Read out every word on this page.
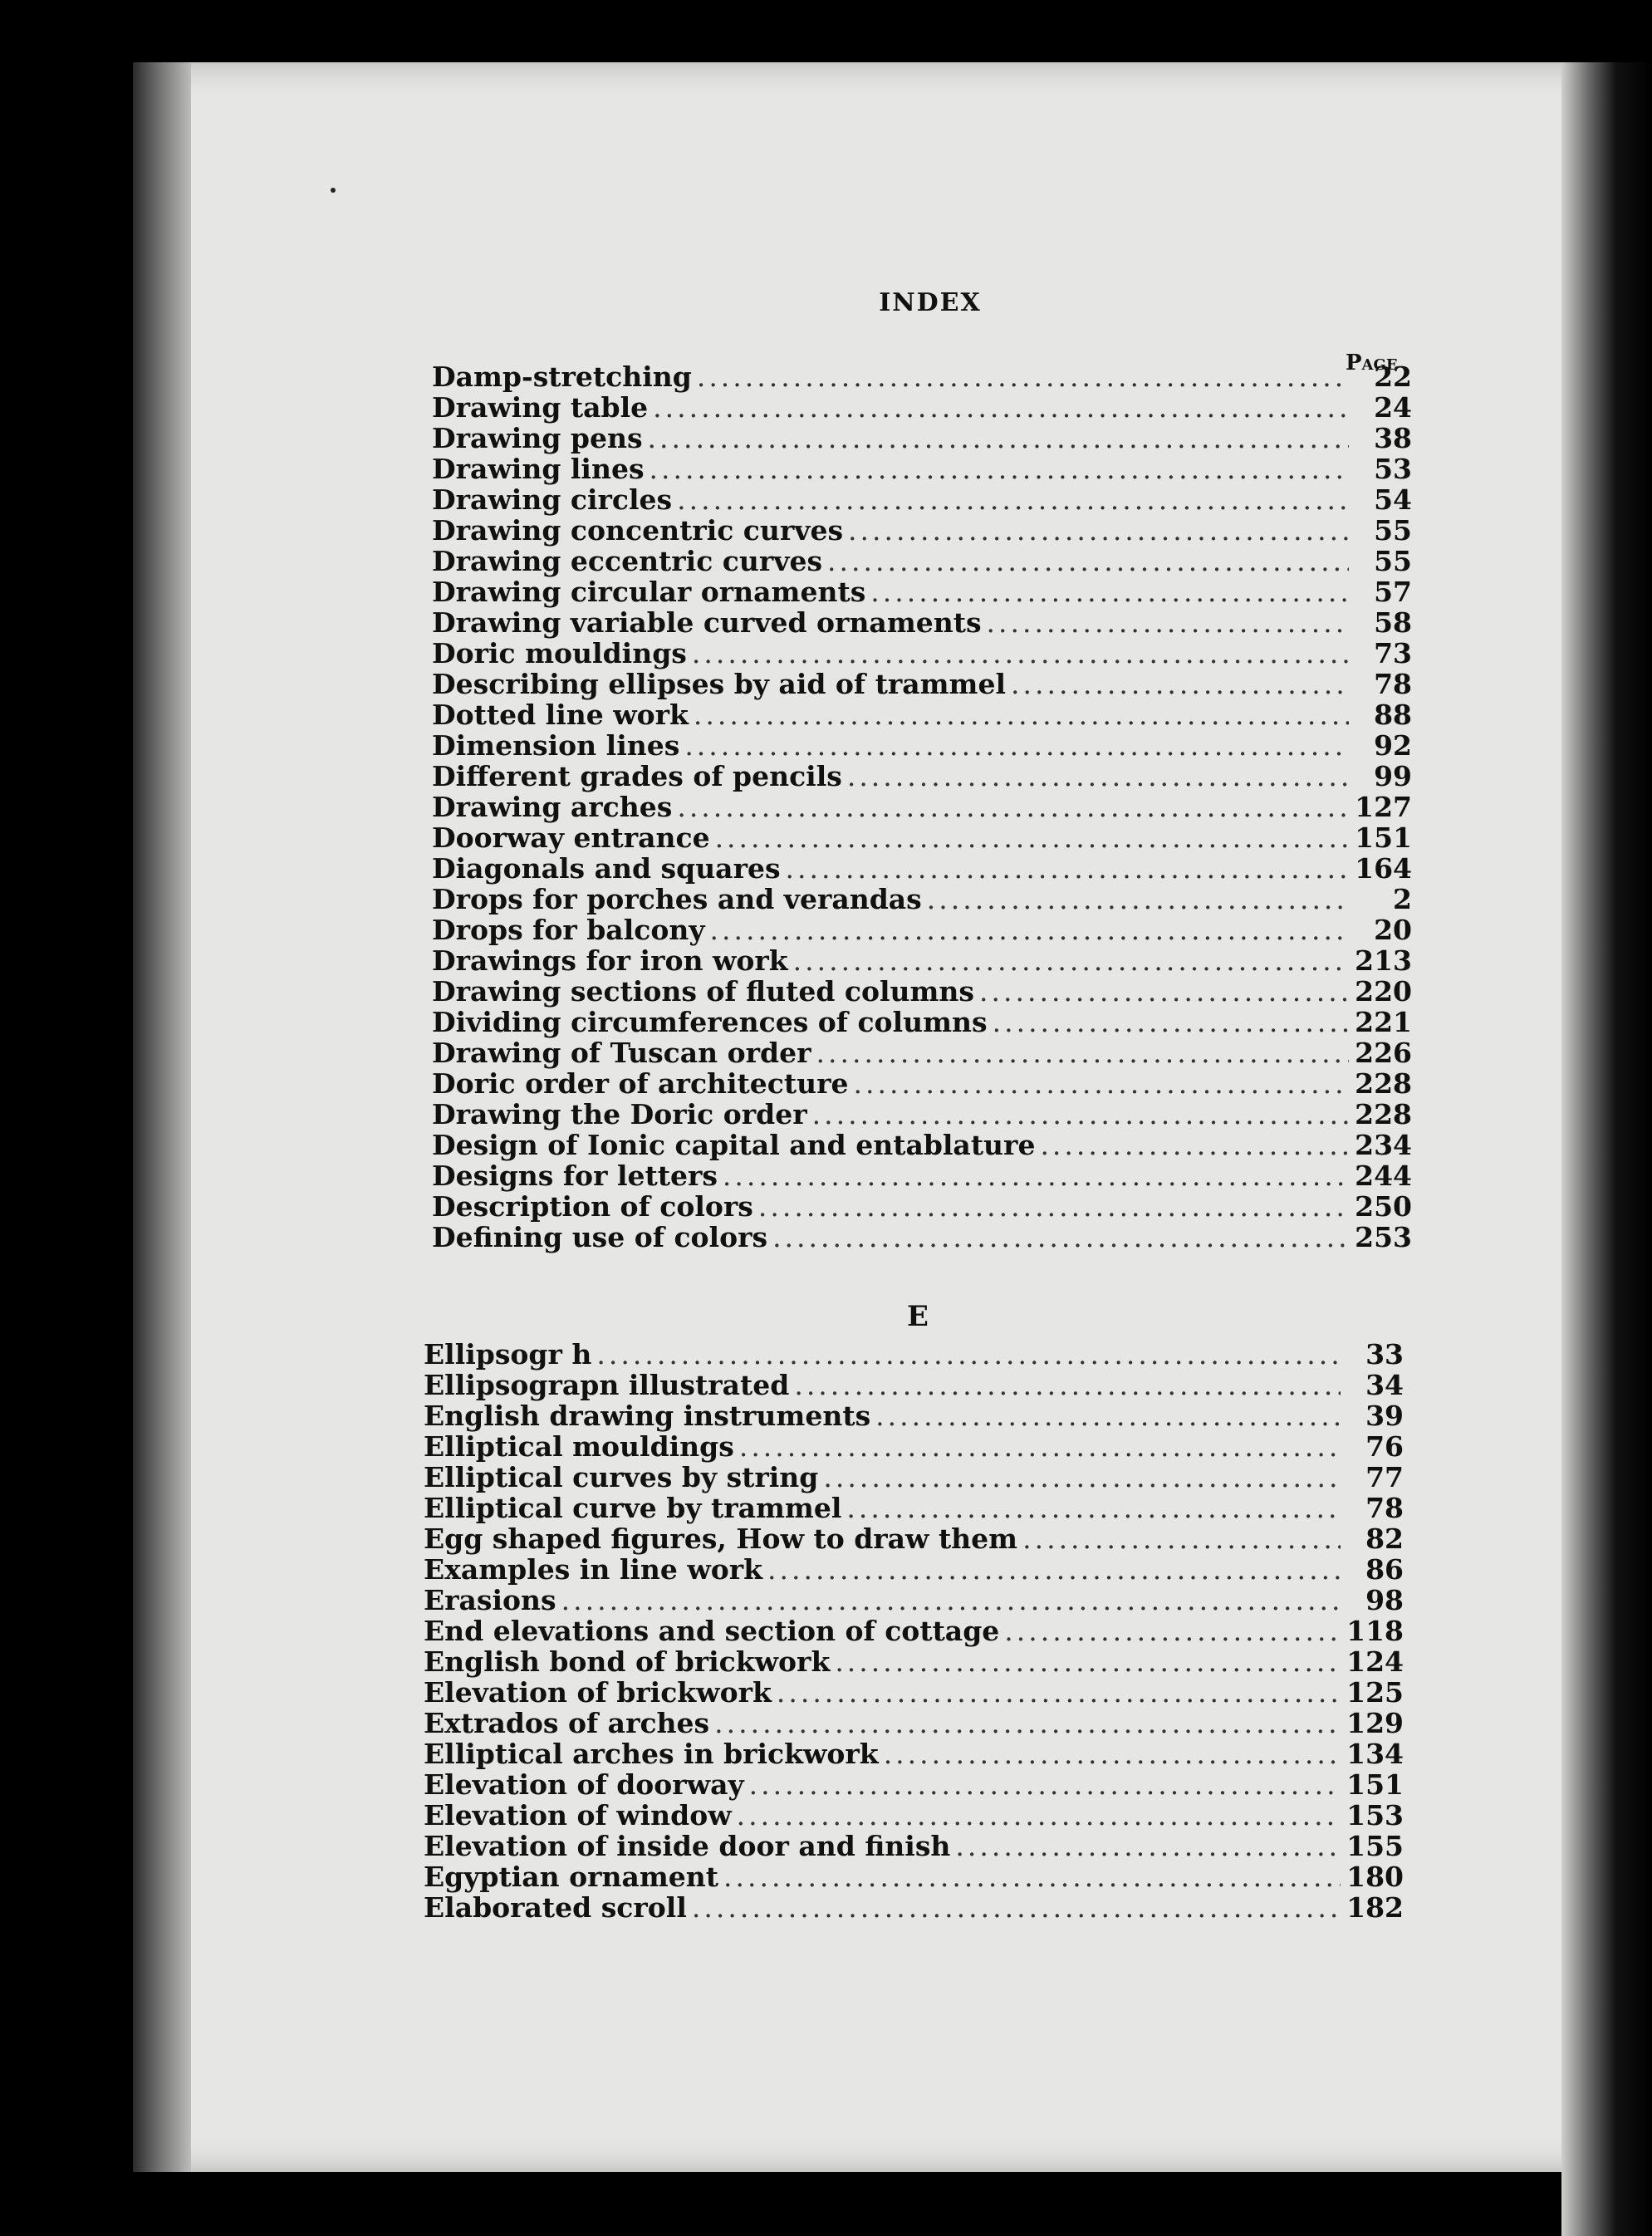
INDEX
Page
Damp-stretching .....	22
Drawing table .....	24
Drawing pens .....	38
Drawing lines .....	53
Drawing circles .....	54
Drawing concentric curves .....	55
Drawing eccentric curves .....	55
Drawing circular ornaments .....	57
Drawing variable curved ornaments .....	58
Doric mouldings .....	73
Describing ellipses by aid of trammel .....	78
Dotted line work .....	88
Dimension lines .....	92
Different grades of pencils .....	99
Drawing arches .....	127
Doorway entrance .....	151
Diagonals and squares .....	164
Drops for porches and verandas .....	2
Drops for balcony .....	20
Drawings for iron work .....	213
Drawing sections of fluted columns .....	220
Dividing circumferences of columns .....	221
Drawing of Tuscan order .....	226
Doric order of architecture .....	228
Drawing the Doric order .....	228
Design of Ionic capital and entablature .....	234
Designs for letters .....	244
Description of colors .....	250
Defining use of colors .....	253
E
Ellipsogr h .....	33
Ellipsograpn illustrated .....	34
English drawing instruments .....	39
Elliptical mouldings .....	76
Elliptical curves by string .....	77
Elliptical curve by trammel .....	78
Egg shaped figures, How to draw them .....	82
Examples in line work .....	86
Erasions .....	98
End elevations and section of cottage .....	118
English bond of brickwork .....	124
Elevation of brickwork .....	125
Extrados of arches .....	129
Elliptical arches in brickwork .....	134
Elevation of doorway .....	151
Elevation of window .....	153
Elevation of inside door and finish .....	155
Egyptian ornament .....	180
Elaborated scroll .....	182
